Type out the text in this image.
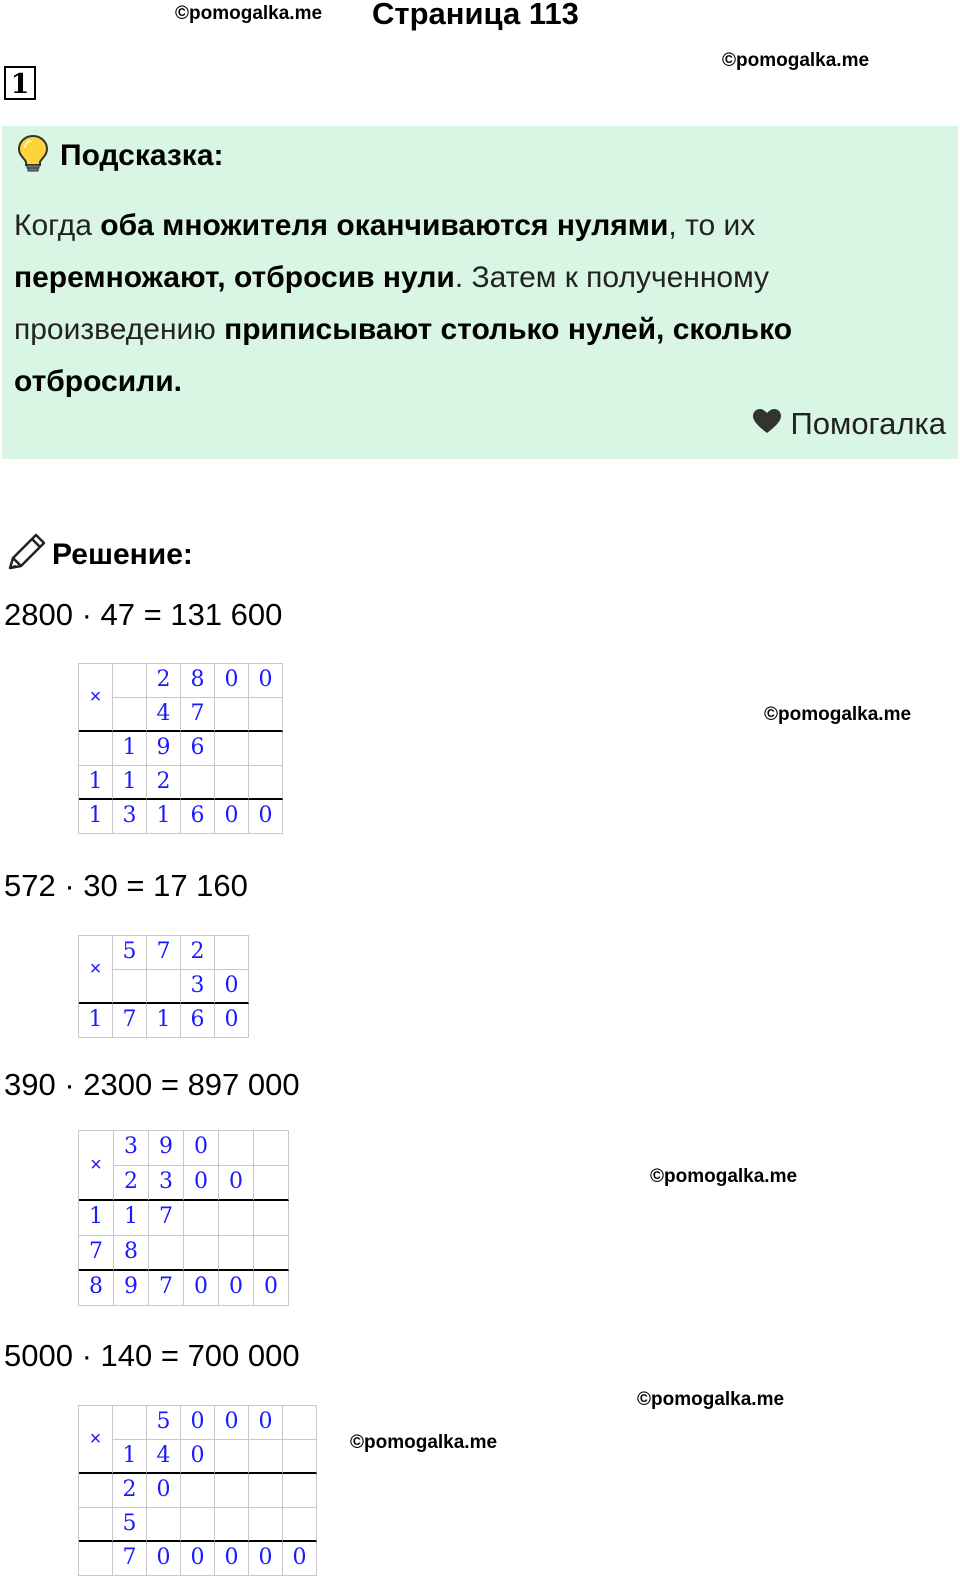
©pomogalka.me
©pomogalka.me
©pomogalka.me
©pomogalka.me
©pomogalka.me
©pomogalka.me
Страница 113
1
Подсказка:
Когда оба множителя оканчиваются нулями, то их перемножают, отбросив нули. Затем к полученному произведению приписывают столько нулей, сколько отбросили.
Помогалка
Решение:
2800 · 47 = 131 600
×
2 8 0 0
4 7
1 9 6
1 1 2
1 3 1 6 0 0
572 · 30 = 17 160
×
5 7 2
3 0
1 7 1 6 0
390 · 2300 = 897 000
×
3 9 0
2 3 0 0
1 1 7
7 8
8 9 7 0 0 0
5000 · 140 = 700 000
×
5 0 0 0
1 4 0
2 0
5
7 0 0 0 0 0
